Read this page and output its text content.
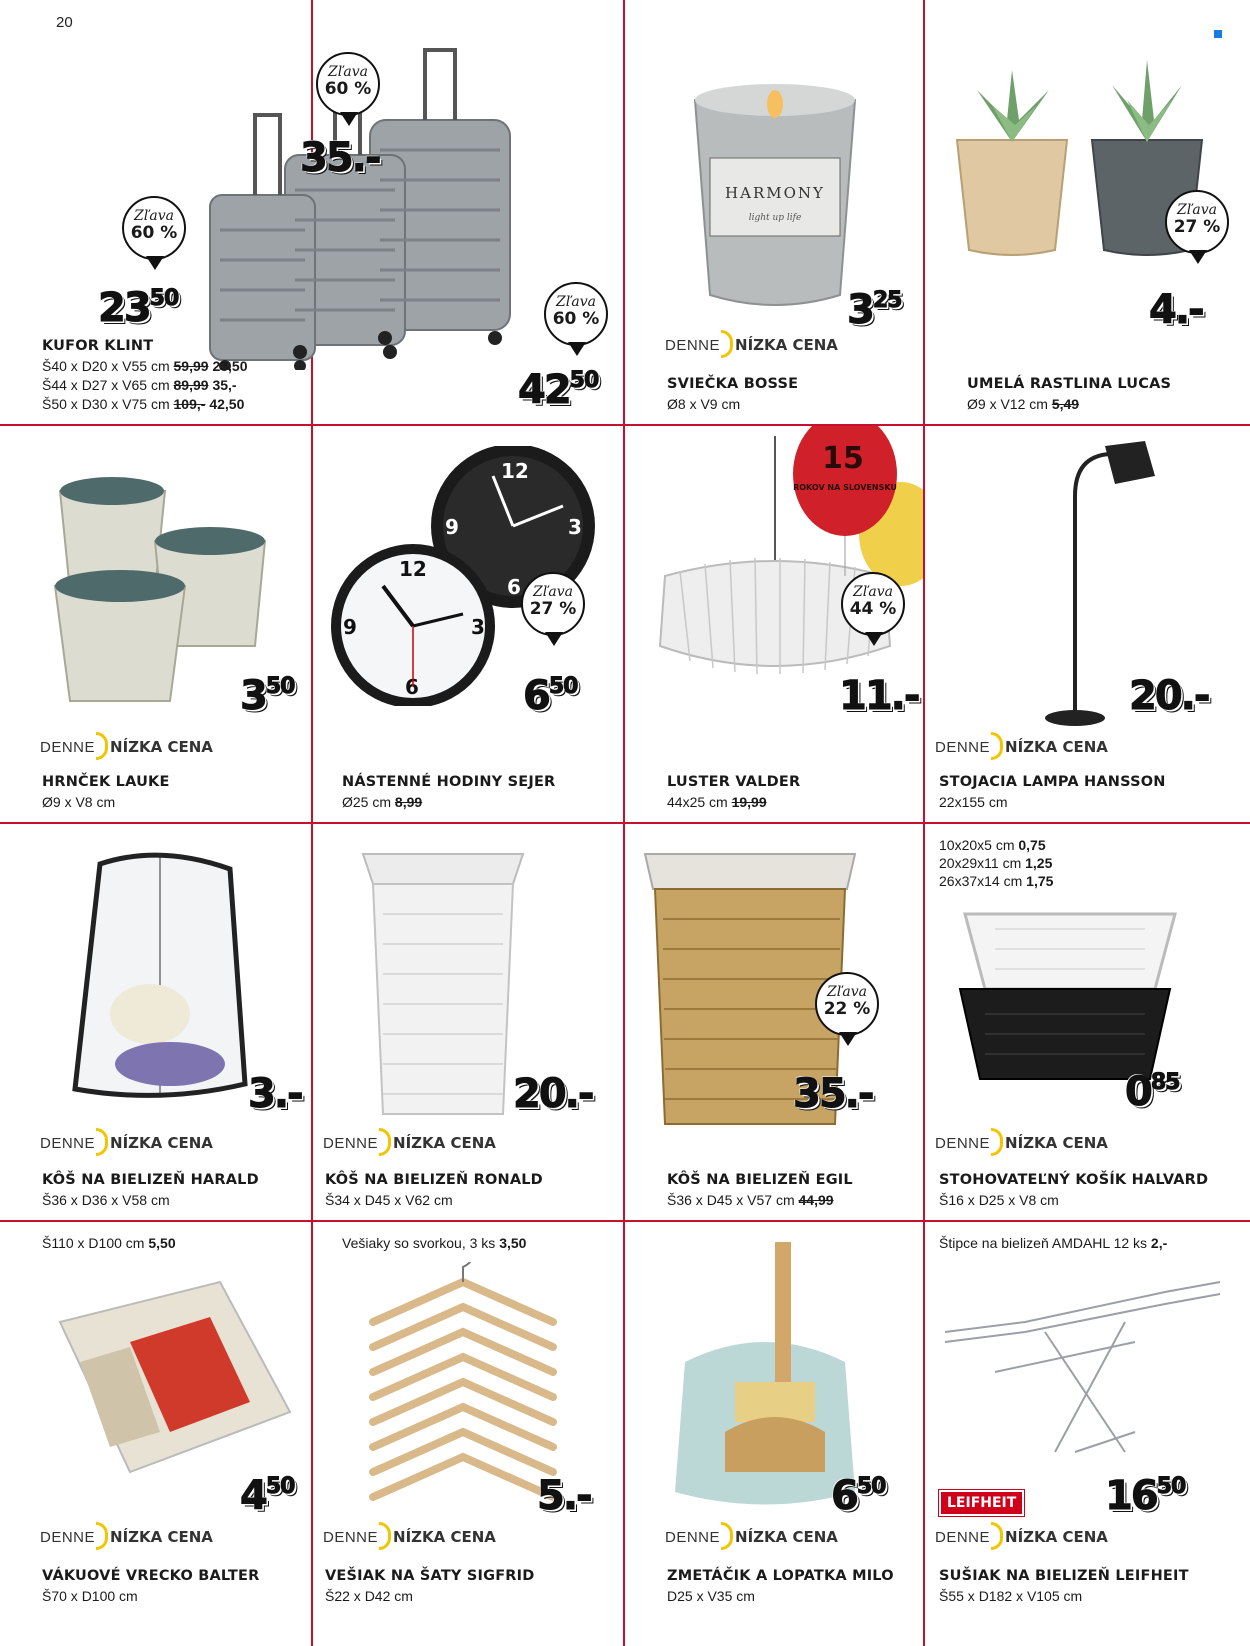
20
Zľava
60 %
35.-
Zľava
60 %
$23^{50}$	Zľava
60 %
$42^{50}$
KUFOR KLINT
Š40 x D20 x V55 cm 59,99 23,50
Š44 x D27 x V65 cm 89,99 35,-
Š50 x D30 x V75 cm 109,- 42,50
HARMONY
light up life
$3^{25}$
DENNE NÍZKA CENA
SVIEČKA BOSSE
Ø8 x V9 cm
Zľava
27 %
4.-
UMELÁ RASTLINA LUCAS
Ø9 x V12 cm 5,49
$3^{50}$
DENNE NÍZKA CENA
HRNČEK LAUKE
Ø9 x V8 cm
12
3
6
9
12
3
6
9
Zľava
27 %
$6^{50}$
NÁSTENNÉ HODINY SEJER
Ø25 cm 8,99
15
ROKOV NA SLOVENSKU
Zľava
44 %
11.-
LUSTER VALDER
44x25 cm 19,99
20.-
DENNE NÍZKA CENA
STOJACIA LAMPA HANSSON
22x155 cm
3.-
DENNE NÍZKA CENA
KÔŠ NA BIELIZEŇ HARALD
Š36 x D36 x V58 cm
20.-
DENNE NÍZKA CENA
KÔŠ NA BIELIZEŇ RONALD
Š34 x D45 x V62 cm
Zľava
22 %
35.-
KÔŠ NA BIELIZEŇ EGIL
Š36 x D45 x V57 cm 44,99
10x20x5 cm 0,75
20x29x11 cm 1,25
26x37x14 cm 1,75
$0^{85}$
DENNE NÍZKA CENA
STOHOVATEĽNÝ KOŠÍK HALVARD
Š16 x D25 x V8 cm
Š110 x D100 cm 5,50
$4^{50}$
DENNE NÍZKA CENA
VÁKUOVÉ VRECKO BALTER
Š70 x D100 cm
Vešiaky so svorkou, 3 ks 3,50
5.-
DENNE NÍZKA CENA
VEŠIAK NA ŠATY SIGFRID
Š22 x D42 cm
$6^{50}$
DENNE NÍZKA CENA
ZMETÁČIK A LOPATKA MILO
D25 x V35 cm
Štipce na bielizeň AMDAHL 12 ks 2,-
LEIFHEIT $16^{50}$
DENNE NÍZKA CENA
SUŠIAK NA BIELIZEŇ LEIFHEIT
Š55 x D182 x V105 cm
